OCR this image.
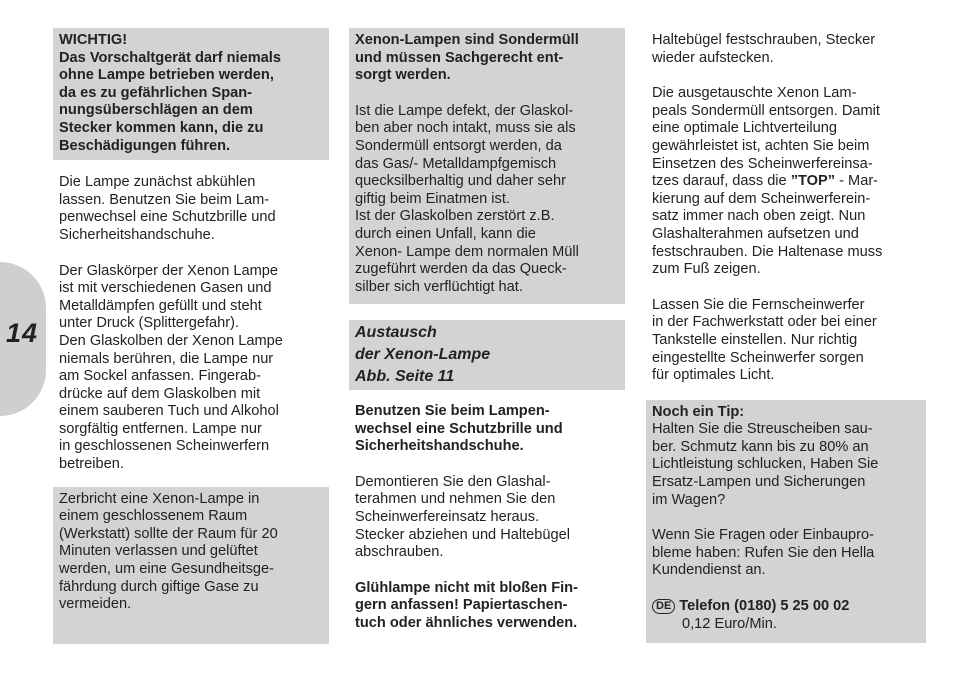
14

WICHTIG!
Das Vorschaltgerät darf niemals
ohne Lampe betrieben werden,
da es zu gefährlichen Span-
nungsüberschlägen an dem
Stecker kommen kann, die zu
Beschädigungen führen.

Die Lampe zunächst abkühlen
lassen. Benutzen Sie beim Lam-
penwechsel eine Schutzbrille und
Sicherheitshandschuhe.

Der Glaskörper der Xenon Lampe
ist mit verschiedenen Gasen und
Metalldämpfen gefüllt und steht
unter Druck (Splittergefahr).
Den Glaskolben der Xenon Lampe
niemals berühren, die Lampe nur
am Sockel anfassen. Fingerab-
drücke auf dem Glaskolben mit
einem sauberen Tuch und Alkohol
sorgfältig entfernen. Lampe nur
in geschlossenen Scheinwerfern
betreiben.

Zerbricht eine Xenon-Lampe in
einem geschlossenem Raum
(Werkstatt) sollte der Raum für 20
Minuten verlassen und gelüftet
werden, um eine Gesundheitsge-
fährdung durch giftige Gase zu
vermeiden.

Xenon-Lampen sind Sondermüll
und müssen Sachgerecht ent-
sorgt werden.

Ist die Lampe defekt, der Glaskol-
ben aber noch intakt, muss sie als
Sondermüll entsorgt werden, da
das Gas/- Metalldampfgemisch
quecksilberhaltig und daher sehr
giftig beim Einatmen ist.
Ist der Glaskolben zerstört z.B.
durch einen Unfall, kann die
Xenon- Lampe dem normalen Müll
zugeführt werden da das Queck-
silber sich verflüchtigt hat.

Austausch
der Xenon-Lampe
Abb. Seite 11

Benutzen Sie beim Lampen-
wechsel eine Schutzbrille und
Sicherheitshandschuhe.

Demontieren Sie den Glashal-
terahmen und nehmen Sie den
Scheinwerfereinsatz heraus.
Stecker abziehen und Haltebügel
abschrauben.

Glühlampe nicht mit bloßen Fin-
gern anfassen! Papiertaschen-
tuch oder ähnliches verwenden.

Haltebügel festschrauben, Stecker
wieder aufstecken.

Die ausgetauschte Xenon Lam-
peals Sondermüll entsorgen. Damit
eine optimale Lichtverteilung
gewährleistet ist, achten Sie beim
Einsetzen des Scheinwerfereinsa-
tzes darauf, dass die ”TOP” - Mar-
kierung auf dem Scheinwerferein-
satz immer nach oben zeigt. Nun
Glashalterahmen aufsetzen und
festschrauben. Die Haltenase muss
zum Fuß zeigen.

Lassen Sie die Fernscheinwerfer
in der Fachwerkstatt oder bei einer
Tankstelle einstellen. Nur richtig
eingestellte Scheinwerfer sorgen
für optimales Licht.

Noch ein Tip:

Halten Sie die Streuscheiben sau-
ber. Schmutz kann bis zu 80% an
Lichtleistung schlucken, Haben Sie
Ersatz-Lampen und Sicherungen
im Wagen?

Wenn Sie Fragen oder Einbaupro-
bleme haben: Rufen Sie den Hella
Kundendienst an.

DE Telefon (0180) 5 25 00 02

0,12 Euro/Min.
